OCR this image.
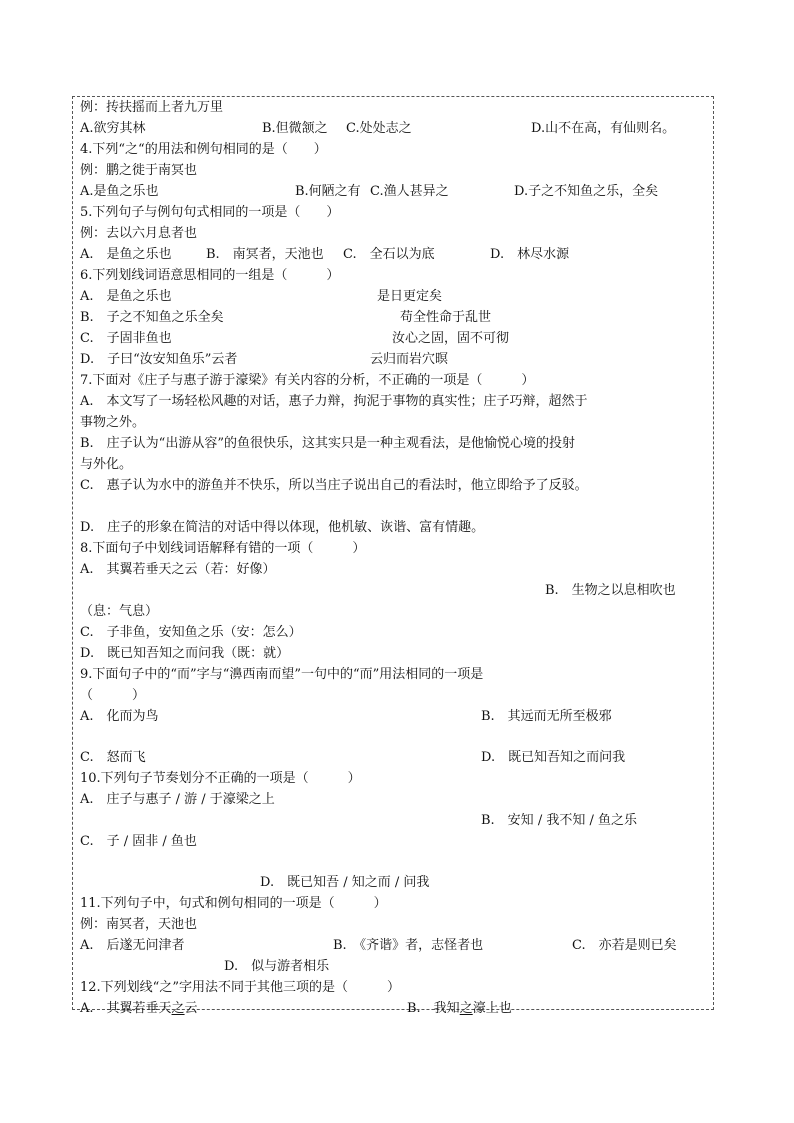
例：抟扶摇而上者九万里
A.欲穷其林	B.但微颔之 C.处处志之	D.山不在高，有仙则名。
4.下列“之“的用法和例句相同的是（　　）
例：鹏之徙于南冥也
A.是鱼之乐也	B.何陋之有 C.渔人甚异之	D.子之不知鱼之乐，全矣
5.下列句子与例句句式相同的一项是（　　）
例：去以六月息者也
A.　是鱼之乐也	B.　南冥者，天池也 C.　全石以为底	D.　林尽水源
6.下列划线词语意思相同的一组是（　　　）
A.　是鱼之乐也	是日更定矣
B.　子之不知鱼之乐全矣	苟全性命于乱世
C.　子固非鱼也	汝心之固，固不可彻
D.　子曰“汝安知鱼乐”云者	云归而岩穴暝
7.下面对《庄子与惠子游于濠梁》有关内容的分析，不正确的一项是（　　　）
A.　本文写了一场轻松风趣的对话，惠子力辩，拘泥于事物的真实性；庄子巧辩，超然于
事物之外。
B.　庄子认为“出游从容”的鱼很快乐，这其实只是一种主观看法，是他愉悦心境的投射
与外化。
C.　惠子认为水中的游鱼并不快乐，所以当庄子说出自己的看法时，他立即给予了反驳。
D.　庄子的形象在简洁的对话中得以体现，他机敏、诙谐、富有情趣。
8.下面句子中划线词语解释有错的一项（　　　）
A.　其翼若垂天之云（若：好像）
B.　生物之以息相吹也
（息：气息）
C.　子非鱼，安知鱼之乐（安：怎么）
D.　既已知吾知之而问我（既：就）
9.下面句子中的“而”字与“濞西南而望”一句中的“而”用法相同的一项是
（　　　）
A.　化而为鸟	B.　其远而无所至极邪
C.　怒而飞	D.　既已知吾知之而问我
10.下列句子节奏划分不正确的一项是（　　　）
A.　庄子与惠子 / 游 / 于濠梁之上
B.　安知 / 我不知 / 鱼之乐
C.　子 / 固非 / 鱼也
D.　既已知吾 / 知之而 / 问我
11.下列句子中，句式和例句相同的一项是（　　　）
例：南冥者，天池也
A.　后遂无问津者	B.　《齐谐》者，志怪者也	C.　亦若是则已矣
D.　似与游者相乐
12.下列划线“之”字用法不同于其他三项的是（　　　）
A.　其翼若垂天之云	B.　我知之濠上也
